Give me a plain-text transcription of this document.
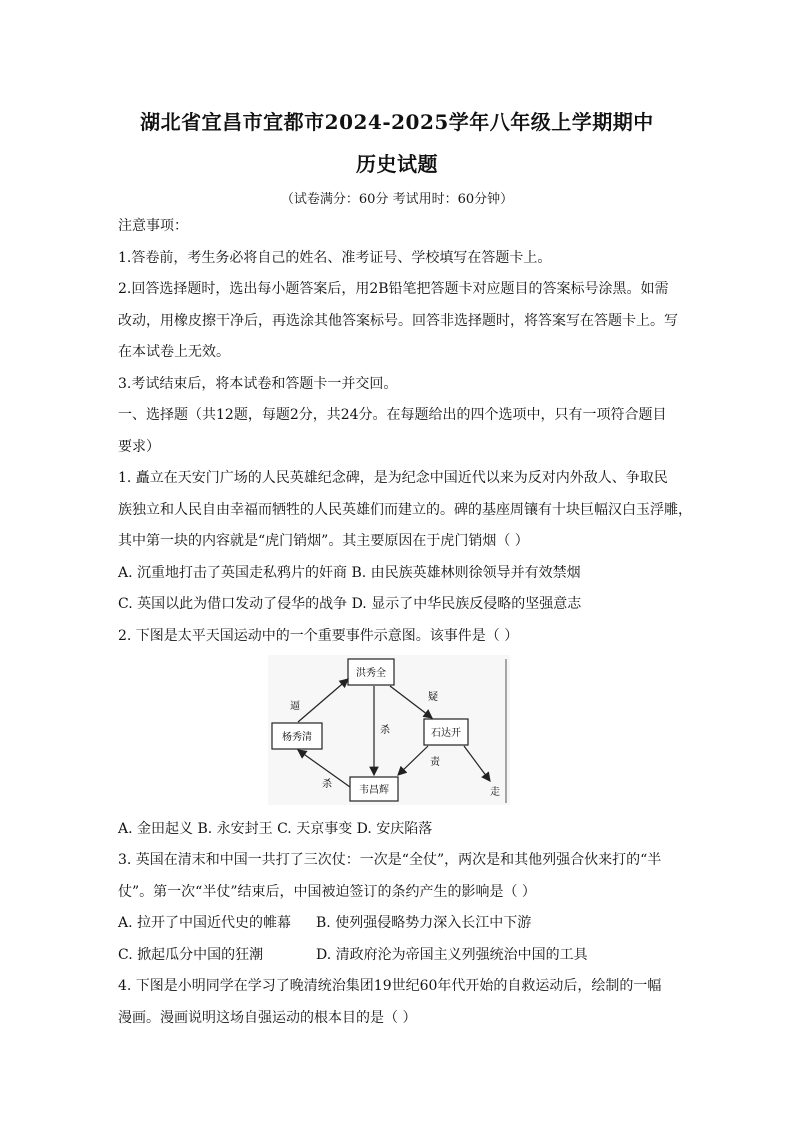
湖北省宜昌市宜都市2024-2025学年八年级上学期期中
历史试题
（试卷满分：60分 考试用时：60分钟）
注意事项：
1.答卷前，考生务必将自己的姓名、准考证号、学校填写在答题卡上。
2.回答选择题时，选出每小题答案后，用2B铅笔把答题卡对应题目的答案标号涂黑。如需
改动，用橡皮擦干净后，再选涂其他答案标号。回答非选择题时，将答案写在答题卡上。写
在本试卷上无效。
3.考试结束后，将本试卷和答题卡一并交回。
一、选择题（共12题，每题2分，共24分。在每题给出的四个选项中，只有一项符合题目
要求）
1. 矗立在天安门广场的人民英雄纪念碑，是为纪念中国近代以来为反对内外敌人、争取民
族独立和人民自由幸福而牺牲的人民英雄们而建立的。碑的基座周镶有十块巨幅汉白玉浮雕，
其中第一块的内容就是“虎门销烟”。其主要原因在于虎门销烟（ ）
A. 沉重地打击了英国走私鸦片的奸商 B. 由民族英雄林则徐领导并有效禁烟
C. 英国以此为借口发动了侵华的战争 D. 显示了中华民族反侵略的坚强意志
2. 下图是太平天国运动中的一个重要事件示意图。该事件是（ ）
洪秀全
杨秀清	石达开
韦昌辉
逼
疑
杀
责
杀
走
A. 金田起义 B. 永安封王 C. 天京事变 D. 安庆陷落
3. 英国在清末和中国一共打了三次仗：一次是“全仗”，两次是和其他列强合伙来打的“半
仗”。第一次“半仗”结束后，中国被迫签订的条约产生的影响是（ ）
A. 拉开了中国近代史的帷幕 B. 使列强侵略势力深入长江中下游
C. 掀起瓜分中国的狂潮	D. 清政府沦为帝国主义列强统治中国的工具
4. 下图是小明同学在学习了晚清统治集团19世纪60年代开始的自救运动后，绘制的一幅
漫画。漫画说明这场自强运动的根本目的是（ ）
